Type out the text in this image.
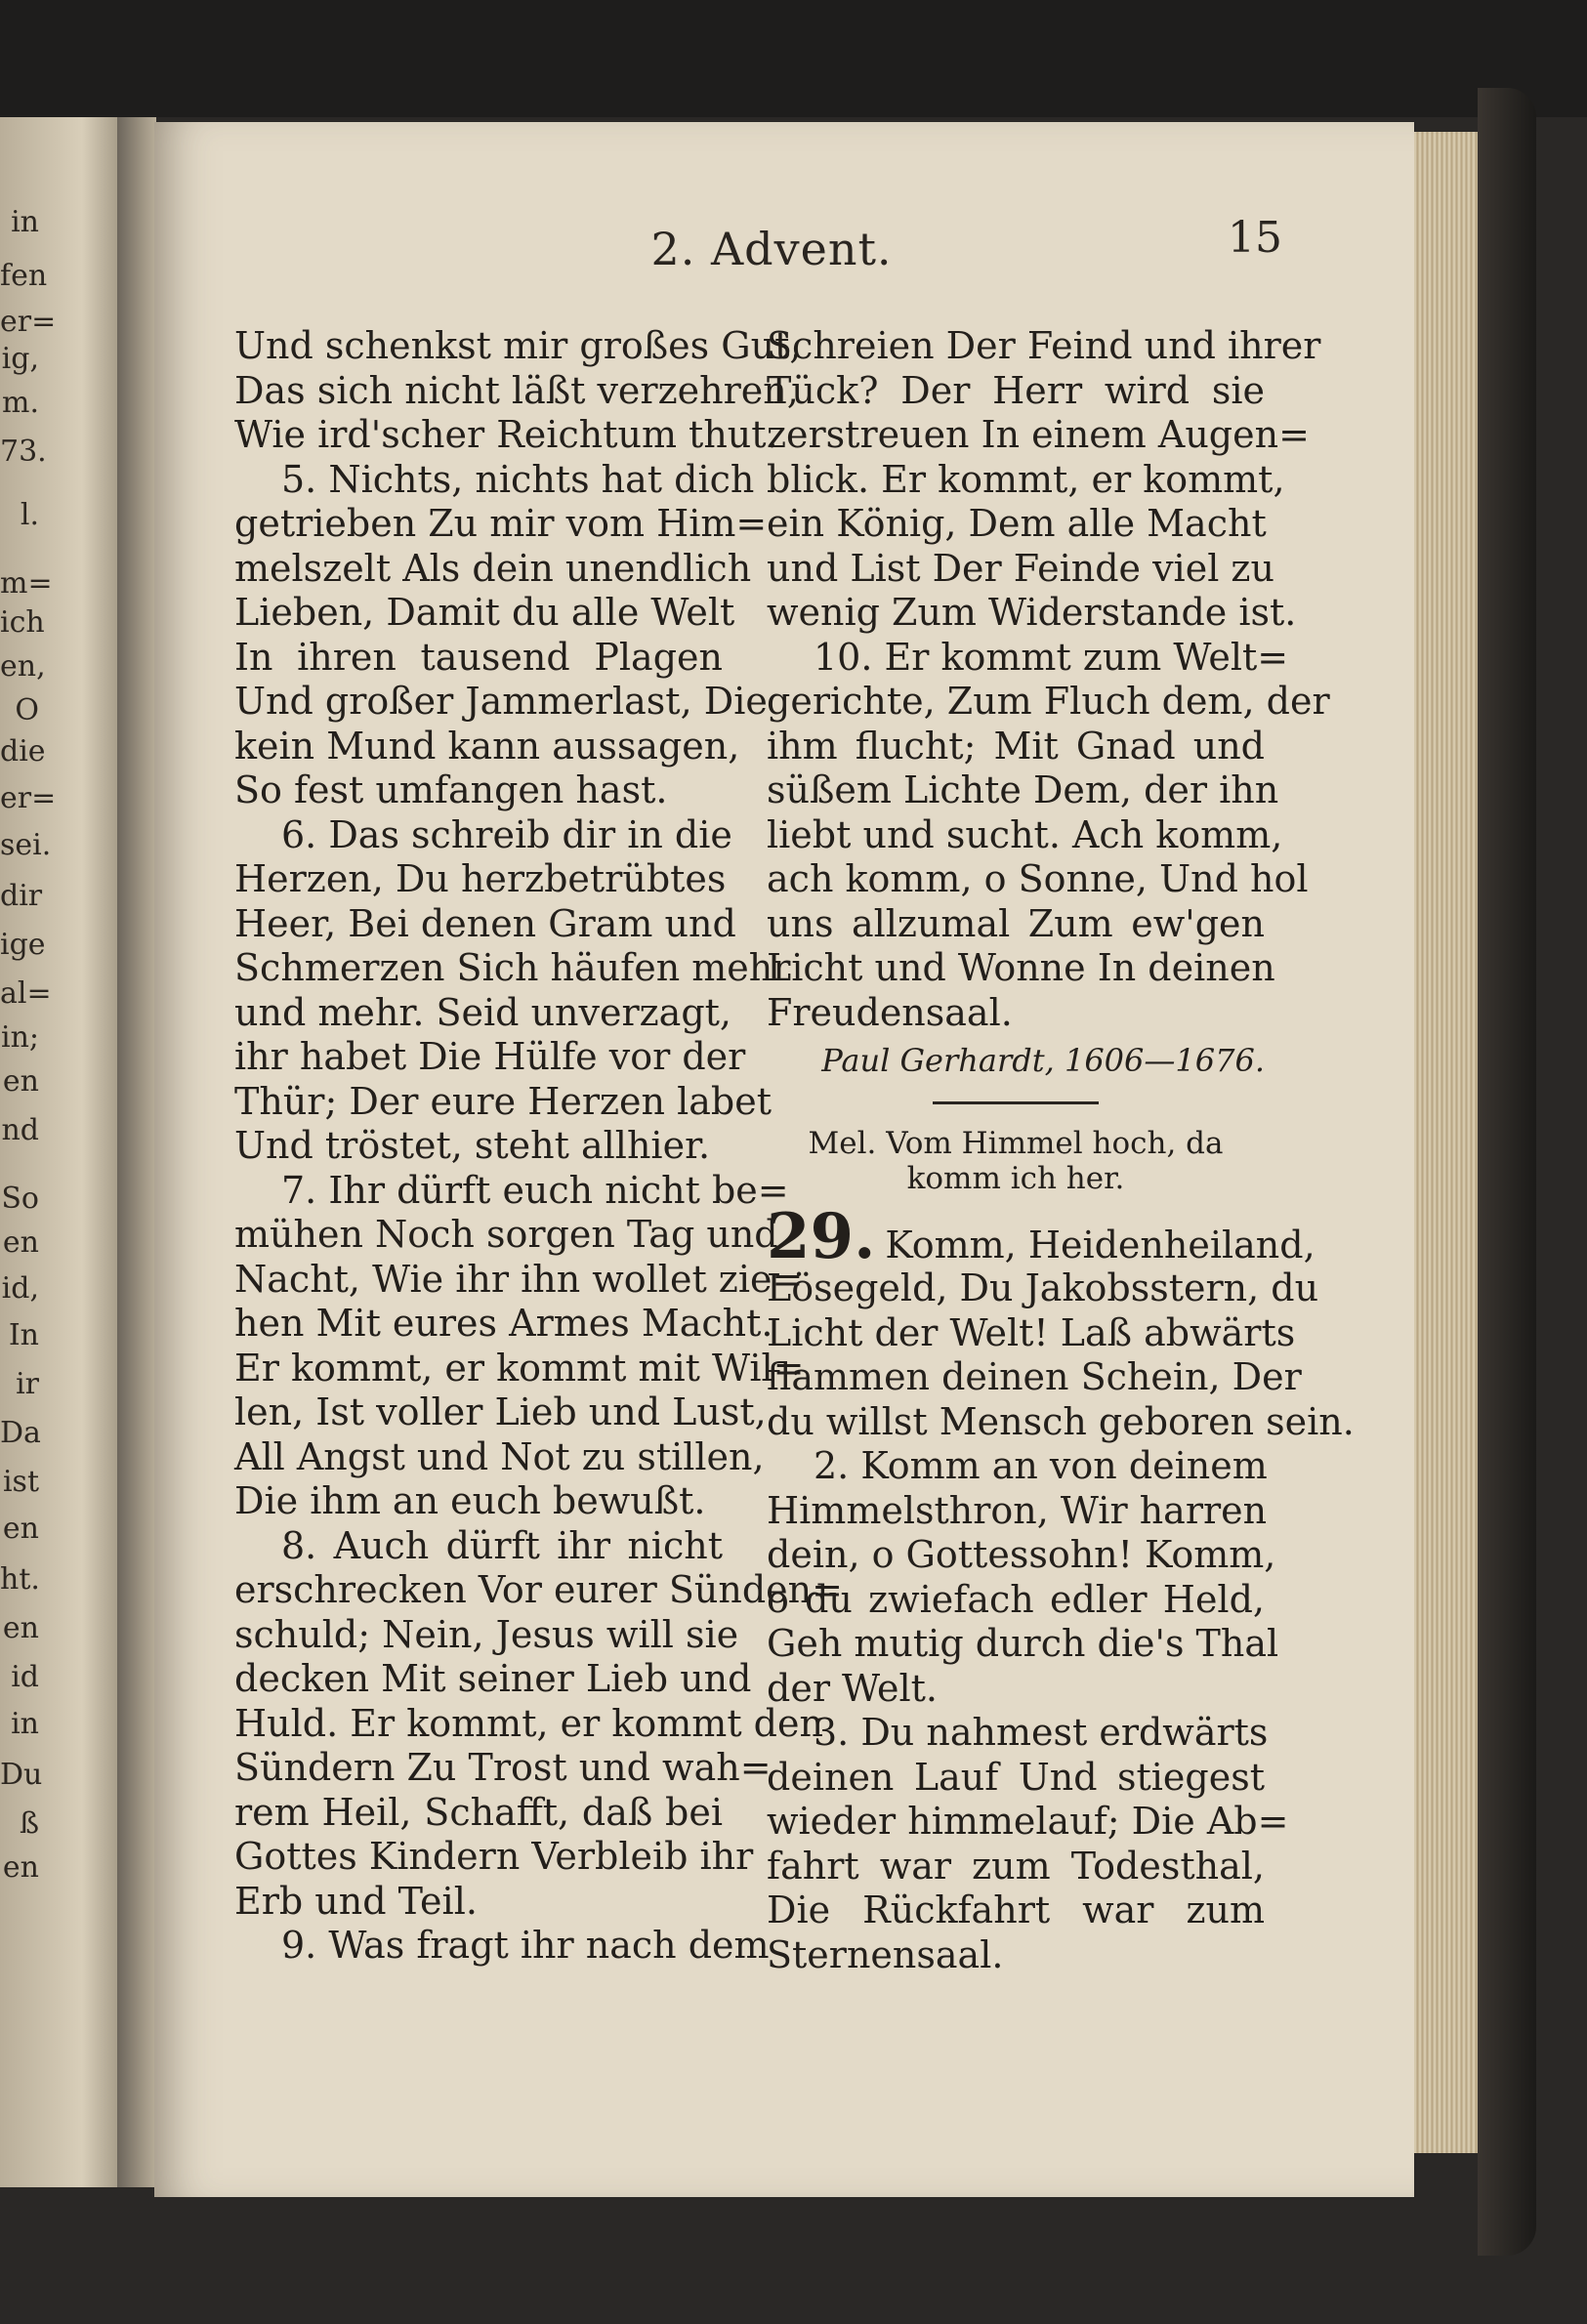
in
fen
er=
ig,
m.
73.
l.
m=
ich
en,
O
die
er=
sei.
dir
ige
al=
in;
en
nd
So
en
id,
In
ir
Da
ist
en
ht.
en
id
in
Du
ß
en
2. Advent.	15
Und schenkst mir großes Gut,
Das sich nicht läßt verzehren,
Wie ird'scher Reichtum thut.
5. Nichts, nichts hat dich
getrieben Zu mir vom Him=
melszelt Als dein unendlich
Lieben, Damit du alle Welt
In ihren tausend Plagen
Und großer Jammerlast, Die
kein Mund kann aussagen,
So fest umfangen hast.
6. Das schreib dir in die
Herzen, Du herzbetrübtes
Heer, Bei denen Gram und
Schmerzen Sich häufen mehr
und mehr. Seid unverzagt,
ihr habet Die Hülfe vor der
Thür; Der eure Herzen labet
Und tröstet, steht allhier.
7. Ihr dürft euch nicht be=
mühen Noch sorgen Tag und
Nacht, Wie ihr ihn wollet zie=
hen Mit eures Armes Macht.
Er kommt, er kommt mit Wil=
len, Ist voller Lieb und Lust,
All Angst und Not zu stillen,
Die ihm an euch bewußt.
8. Auch dürft ihr nicht
erschrecken Vor eurer Sünden=
schuld; Nein, Jesus will sie
decken Mit seiner Lieb und
Huld. Er kommt, er kommt den
Sündern Zu Trost und wah=
rem Heil, Schafft, daß bei
Gottes Kindern Verbleib ihr
Erb und Teil.
9. Was fragt ihr nach dem
Schreien Der Feind und ihrer
Tück? Der Herr wird sie
zerstreuen In einem Augen=
blick. Er kommt, er kommt,
ein König, Dem alle Macht
und List Der Feinde viel zu
wenig Zum Widerstande ist.
10. Er kommt zum Welt=
gerichte, Zum Fluch dem, der
ihm flucht; Mit Gnad und
süßem Lichte Dem, der ihn
liebt und sucht. Ach komm,
ach komm, o Sonne, Und hol
uns allzumal Zum ew'gen
Licht und Wonne In deinen
Freudensaal.
Paul Gerhardt, 1606—1676.
Mel. Vom Himmel hoch, da komm ich her.
29. Komm, Heidenheiland,
Lösegeld, Du Jakobsstern, du
Licht der Welt! Laß abwärts
flammen deinen Schein, Der
du willst Mensch geboren sein.
2. Komm an von deinem
Himmelsthron, Wir harren
dein, o Gottessohn! Komm,
o du zwiefach edler Held,
Geh mutig durch die's Thal
der Welt.
3. Du nahmest erdwärts
deinen Lauf Und stiegest
wieder himmelauf; Die Ab=
fahrt war zum Todesthal,
Die Rückfahrt war zum
Sternensaal.
